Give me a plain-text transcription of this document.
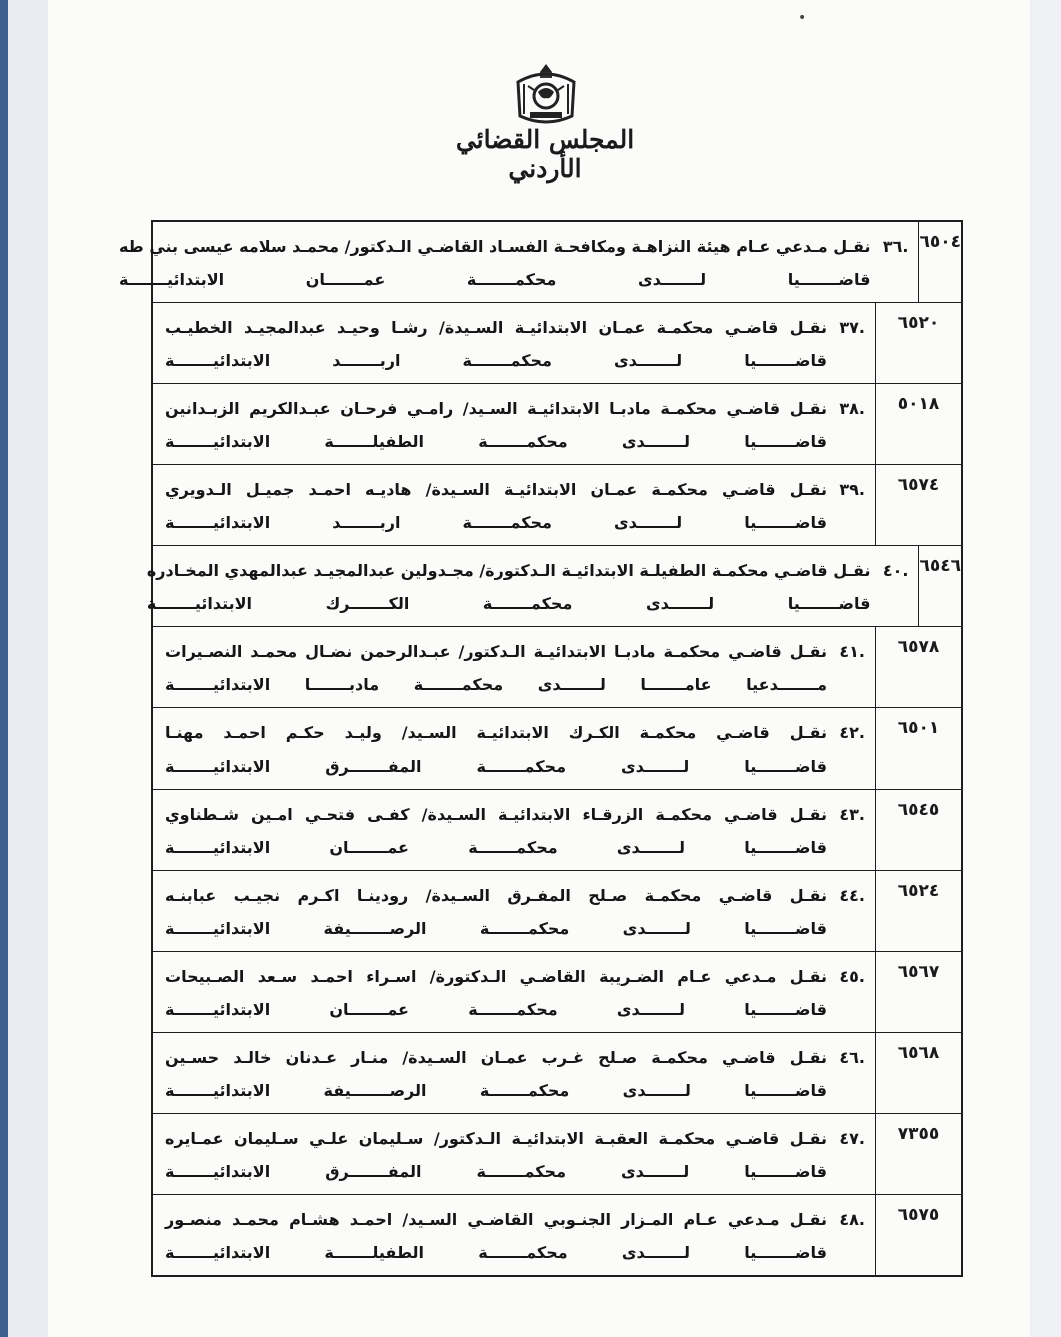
•
المجلس القضائي الأردني
٦٥٠٤
.٣٦
نقـل مـدعي عـام هيئة النزاهـة ومكافحـة الفسـاد القاضـي الـدكتور/ محمـد سلامه عيسى بني طه
قاضـــــــيا لـــــــدى محكمـــــــة عمـــــــان الابتدائيـــــــة
٦٥٢٠
.٣٧
نقـل قاضـي محكمـة عمـان الابتدائيـة السـيدة/ رشـا وحيـد عبدالمجيـد الخطيـب
قاضـــــــيا لـــــــدى محكمـــــــة اربـــــــد الابتدائيـــــــة
٥٠١٨
.٣٨
نقـل قاضـي محكمـة مادبـا الابتدائيـة السـيد/ رامـي فرحـان عبـدالكريم الزبـدانين
قاضـــــــيا لـــــــدى محكمـــــــة الطفيلـــــــة الابتدائيـــــــة
٦٥٧٤
.٣٩
نقـل قاضـي محكمـة عمـان الابتدائيـة السـيدة/ هاديـه احمـد جميـل الـدويري
قاضـــــــيا لـــــــدى محكمـــــــة اربـــــــد الابتدائيـــــــة
٦٥٤٦
.٤٠
نقـل قاضـي محكمـة الطفيلـة الابتدائيـة الـدكتورة/ مجـدولين عبدالمجيـد عبدالمهدي المخـادره
قاضـــــــيا لـــــــدى محكمـــــــة الكـــــــرك الابتدائيـــــــة
٦٥٧٨
.٤١
نقـل قاضـي محكمـة مادبـا الابتدائيـة الـدكتور/ عبـدالرحمن نضـال محمـد النصـيرات
مـــــــدعيا عامـــــــا لـــــــدى محكمـــــــة مادبـــــــا الابتدائيـــــــة
٦٥٠١
.٤٢
نقـل قاضـي محكمـة الكـرك الابتدائيـة السـيد/ وليـد حكـم احمـد مهنـا
قاضـــــــيا لـــــــدى محكمـــــــة المفـــــــرق الابتدائيـــــــة
٦٥٤٥
.٤٣
نقـل قاضـي محكمـة الزرقـاء الابتدائيـة السـيدة/ كفـى فتحـي امـين شـطناوي
قاضـــــــيا لـــــــدى محكمـــــــة عمـــــــان الابتدائيـــــــة
٦٥٢٤
.٤٤
نقـل قاضـي محكمـة صـلح المفـرق السـيدة/ رودينـا اكـرم نجيـب عبابنـه
قاضـــــــيا لـــــــدى محكمـــــــة الرصـــــــيفة الابتدائيـــــــة
٦٥٦٧
.٤٥
نقـل مـدعي عـام الضـريبة القاضـي الـدكتورة/ اسـراء احمـد سـعد الصـبيحات
قاضـــــــيا لـــــــدى محكمـــــــة عمـــــــان الابتدائيـــــــة
٦٥٦٨
.٤٦
نقـل قاضـي محكمـة صـلح غـرب عمـان السـيدة/ منـار عـدنان خالـد حسـين
قاضـــــــيا لـــــــدى محكمـــــــة الرصـــــــيفة الابتدائيـــــــة
٧٣٥٥
.٤٧
نقـل قاضـي محكمـة العقبـة الابتدائيـة الـدكتور/ سـليمان علـي سـليمان عمـايره
قاضـــــــيا لـــــــدى محكمـــــــة المفـــــــرق الابتدائيـــــــة
٦٥٧٥
.٤٨
نقـل مـدعي عـام المـزار الجنـوبي القاضـي السـيد/ احمـد هشـام محمـد منصـور
قاضـــــــيا لـــــــدى محكمـــــــة الطفيلـــــــة الابتدائيـــــــة
